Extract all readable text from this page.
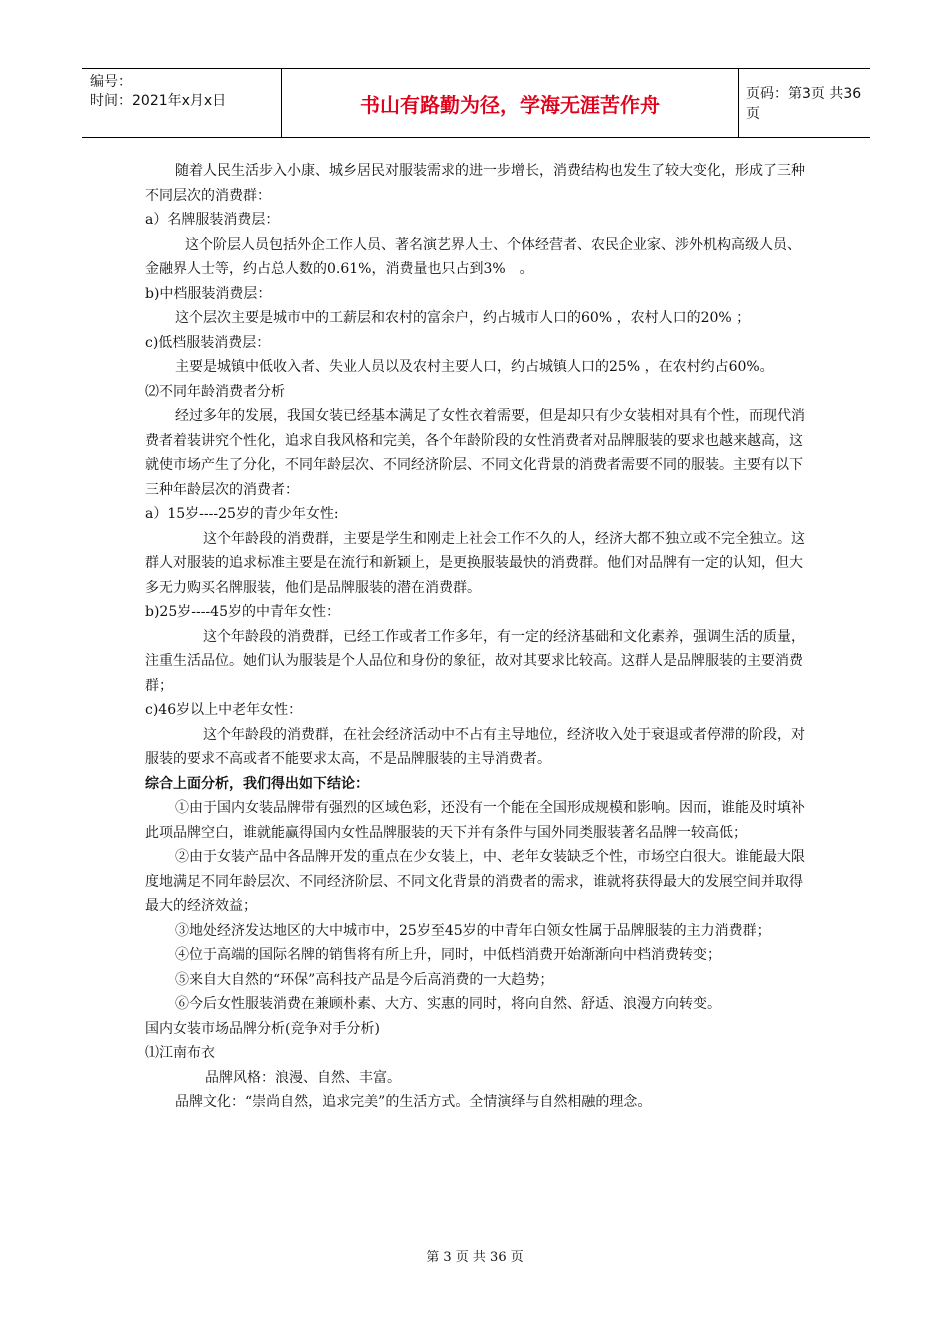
编号：
时间：2021年x月x日	书山有路勤为径，学海无涯苦作舟	页码：第3页 共36页

随着人民生活步入小康、城乡居民对服装需求的进一步增长，消费结构也发生了较大变化，形成了三种不同层次的消费群：

a）名牌服装消费层：

这个阶层人员包括外企工作人员、著名演艺界人士、个体经营者、农民企业家、涉外机构高级人员、金融界人士等，约占总人数的0.61%，消费量也只占到3%　。

b)中档服装消费层：

这个层次主要是城市中的工薪层和农村的富余户，约占城市人口的60% ，农村人口的20% ；

c)低档服装消费层：

主要是城镇中低收入者、失业人员以及农村主要人口，约占城镇人口的25% ，在农村约占60%。

⑵不同年龄消费者分析

经过多年的发展，我国女装已经基本满足了女性衣着需要，但是却只有少女装相对具有个性，而现代消费者着装讲究个性化，追求自我风格和完美，各个年龄阶段的女性消费者对品牌服装的要求也越来越高，这就使市场产生了分化，不同年龄层次、不同经济阶层、不同文化背景的消费者需要不同的服装。主要有以下三种年龄层次的消费者：

a）15岁----25岁的青少年女性:

这个年龄段的消费群，主要是学生和刚走上社会工作不久的人，经济大都不独立或不完全独立。这群人对服装的追求标准主要是在流行和新颖上，是更换服装最快的消费群。他们对品牌有一定的认知，但大多无力购买名牌服装，他们是品牌服装的潜在消费群。

b)25岁----45岁的中青年女性：

这个年龄段的消费群，已经工作或者工作多年，有一定的经济基础和文化素养，强调生活的质量，注重生活品位。她们认为服装是个人品位和身份的象征，故对其要求比较高。这群人是品牌服装的主要消费群；

c)46岁以上中老年女性：

这个年龄段的消费群，在社会经济活动中不占有主导地位，经济收入处于衰退或者停滞的阶段，对服装的要求不高或者不能要求太高，不是品牌服装的主导消费者。

综合上面分析，我们得出如下结论：

①由于国内女装品牌带有强烈的区域色彩，还没有一个能在全国形成规模和影响。因而，谁能及时填补此项品牌空白，谁就能赢得国内女性品牌服装的天下并有条件与国外同类服装著名品牌一较高低；

②由于女装产品中各品牌开发的重点在少女装上，中、老年女装缺乏个性，市场空白很大。谁能最大限度地满足不同年龄层次、不同经济阶层、不同文化背景的消费者的需求，谁就将获得最大的发展空间并取得最大的经济效益；

③地处经济发达地区的大中城市中，25岁至45岁的中青年白领女性属于品牌服装的主力消费群；

④位于高端的国际名牌的销售将有所上升，同时，中低档消费开始渐渐向中档消费转变；

⑤来自大自然的“环保”高科技产品是今后高消费的一大趋势；

⑥今后女性服装消费在兼顾朴素、大方、实惠的同时，将向自然、舒适、浪漫方向转变。

国内女装市场品牌分析(竞争对手分析)

⑴江南布衣

品牌风格：浪漫、自然、丰富。

品牌文化：“崇尚自然，追求完美”的生活方式。全情演绎与自然相融的理念。

第 3 页 共 36 页
